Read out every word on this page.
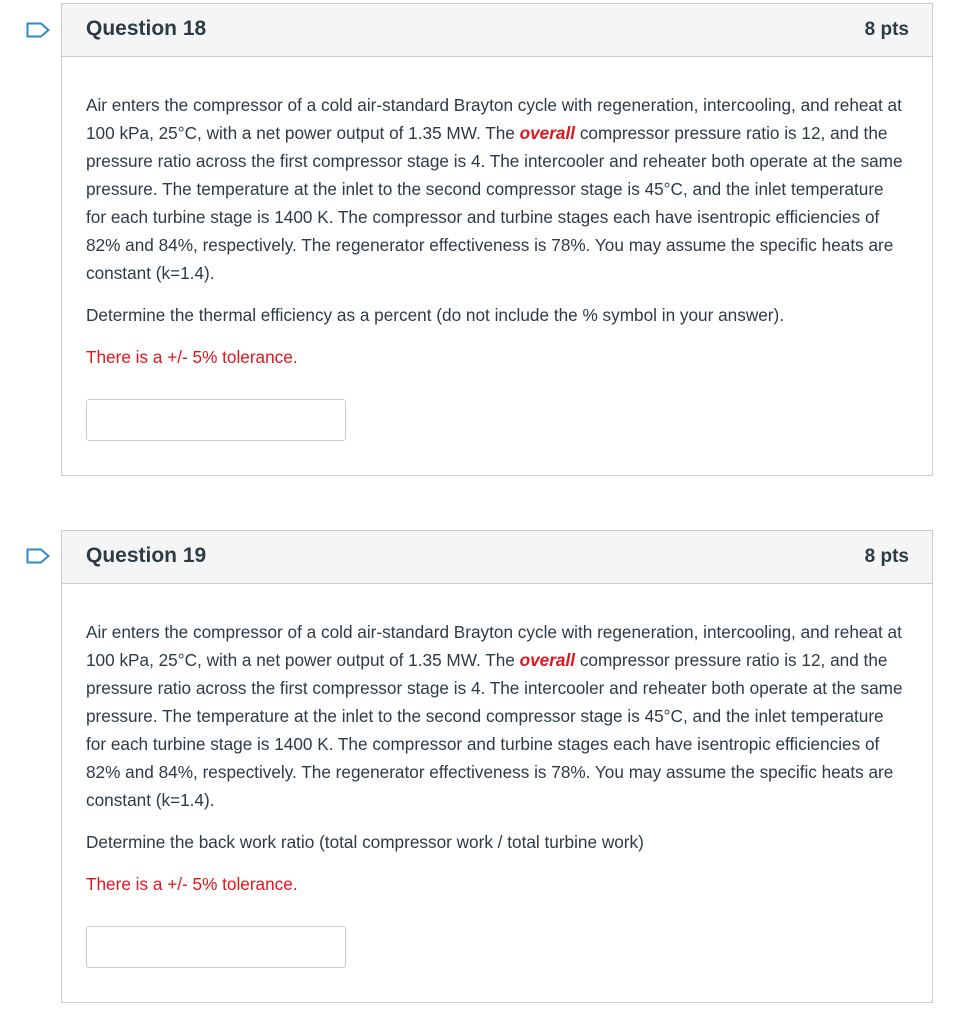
Question 18	8 pts

Air enters the compressor of a cold air-standard Brayton cycle with regeneration, intercooling, and reheat at 100 kPa, 25°C, with a net power output of 1.35 MW. The overall compressor pressure ratio is 12, and the pressure ratio across the first compressor stage is 4. The intercooler and reheater both operate at the same pressure. The temperature at the inlet to the second compressor stage is 45°C, and the inlet temperature for each turbine stage is 1400 K. The compressor and turbine stages each have isentropic efficiencies of 82% and 84%, respectively. The regenerator effectiveness is 78%. You may assume the specific heats are constant (k=1.4).

Determine the thermal efficiency as a percent (do not include the % symbol in your answer).

There is a +/- 5% tolerance.

Question 19	8 pts

Air enters the compressor of a cold air-standard Brayton cycle with regeneration, intercooling, and reheat at 100 kPa, 25°C, with a net power output of 1.35 MW. The overall compressor pressure ratio is 12, and the pressure ratio across the first compressor stage is 4. The intercooler and reheater both operate at the same pressure. The temperature at the inlet to the second compressor stage is 45°C, and the inlet temperature for each turbine stage is 1400 K. The compressor and turbine stages each have isentropic efficiencies of 82% and 84%, respectively. The regenerator effectiveness is 78%. You may assume the specific heats are constant (k=1.4).

Determine the back work ratio (total compressor work / total turbine work)

There is a +/- 5% tolerance.
